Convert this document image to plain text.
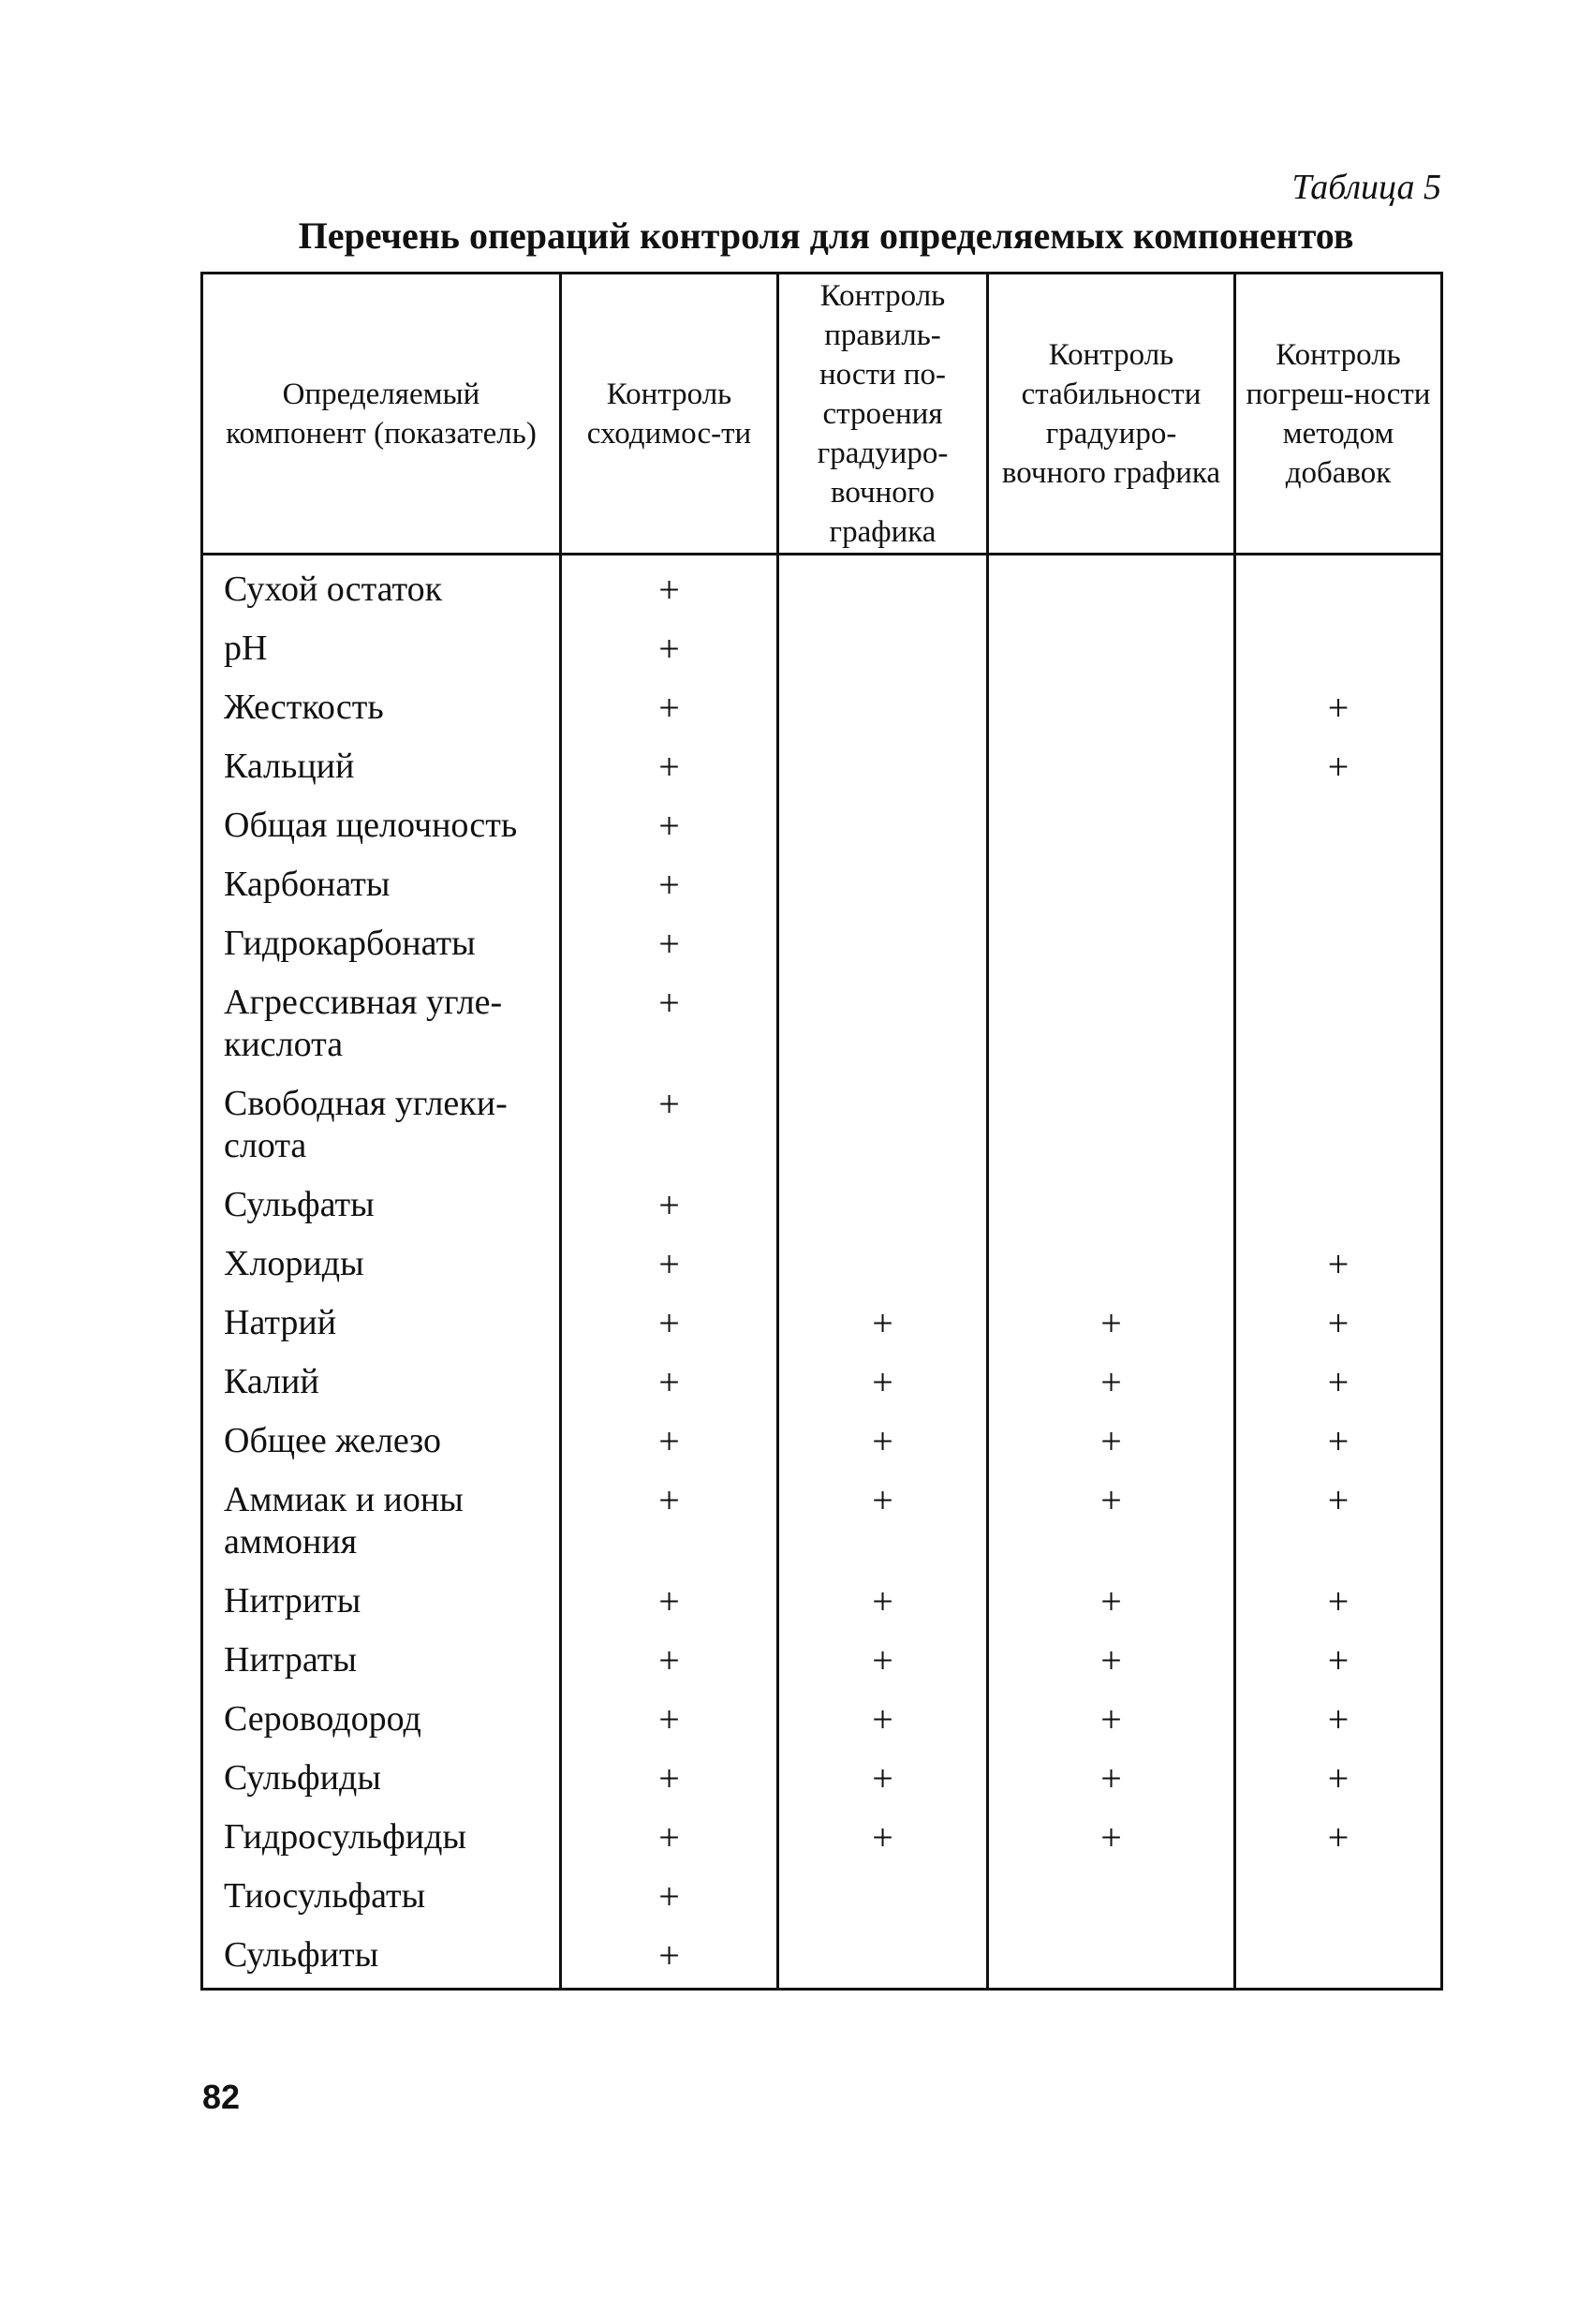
Таблица 5
Перечень операций контроля для определяемых компонентов
Определяемый компонент (показатель)	Контроль сходимос-ти	Контроль правиль-ности по-строения градуиро-вочного графика	Контроль стабильности градуиро-вочного графика	Контроль погреш-ности методом добавок
Сухой остаток	+			
pH	+			
Жесткость	+			+
Кальций	+			+
Общая щелочность	+			
Карбонаты	+			
Гидрокарбонаты	+			
Агрессивная угле-кислота	+			
Свободная углеки-слота	+			
Сульфаты	+			
Хлориды	+			+
Натрий	+	+	+	+
Калий	+	+	+	+
Общее железо	+	+	+	+
Аммиак и ионы аммония	+	+	+	+
Нитриты	+	+	+	+
Нитраты	+	+	+	+
Сероводород	+	+	+	+
Сульфиды	+	+	+	+
Гидросульфиды	+	+	+	+
Тиосульфаты	+			
Сульфиты	+			
82
